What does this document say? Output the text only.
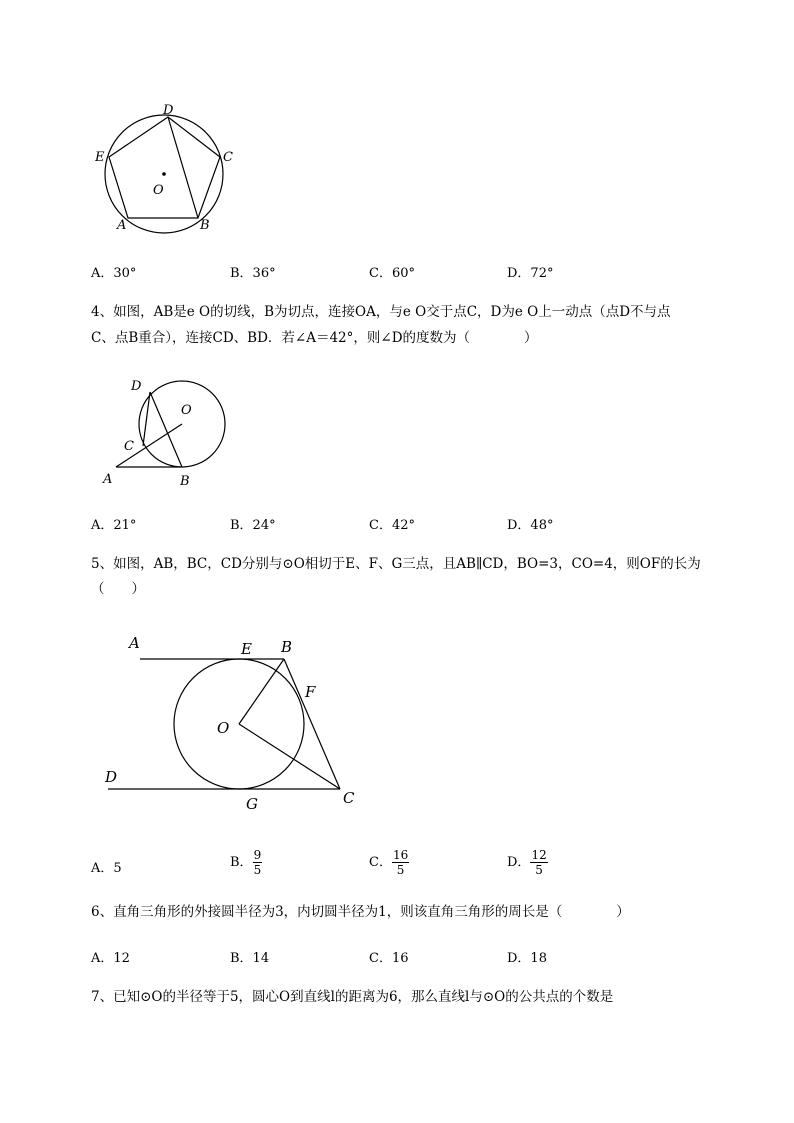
D
E	C
O
A	B
A．30°	B．36°	C．60°	D．72°
4、如图，AB是e O的切线，B为切点，连接OA，与e O交于点C，D为e O上一动点（点D不与点
C、点B重合），连接CD、BD．若∠A＝42°，则∠D的度数为（　　　　）
D
O
C
A	B
A．21°	B．24°	C．42°	D．48°
5、如图，AB，BC，CD分别与⊙O相切于E、F、G三点，且AB∥CD，BO=3，CO=4，则OF的长为
（　　）
A	E B
F
O
D
G	C
A．5	B． $\frac{9}{5}$	C． $\frac{16}{5}$	D． $\frac{12}{5}$
6、直角三角形的外接圆半径为3，内切圆半径为1，则该直角三角形的周长是（　　　　）
A．12	B．14	C．16	D．18
7、已知⊙O的半径等于5，圆心O到直线l的距离为6，那么直线l与⊙O的公共点的个数是
